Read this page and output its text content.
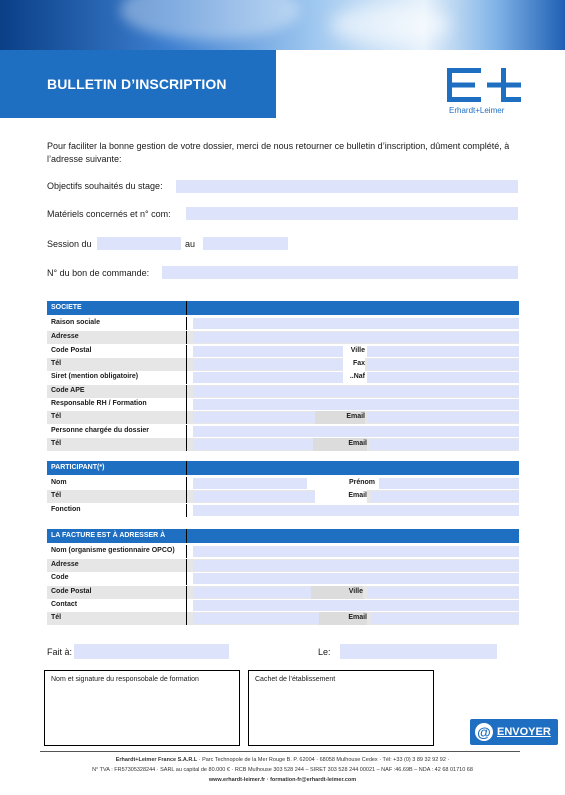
BULLETIN D’INSCRIPTION
Erhardt+Leimer
Pour faciliter la bonne gestion de votre dossier, merci de nous retourner ce bulletin d’inscription, dûment complété, à l’adresse suivante:
Objectifs souhaités du stage:
Matériels concernés et n° com:
Session du	au
N° du bon de commande:
SOCIETE
Raison sociale
Adresse
Code Postal	Ville
Tél	Fax
Siret (mention obligatoire)	..Naf
Code APE
Responsable RH / Formation
Tél	Email
Personne chargée du dossier
Tél	Email
PARTICIPANT(*)
Nom	Prénom
Tél	Email
Fonction
LA FACTURE EST À ADRESSER À
Nom (organisme gestionnaire OPCO)
Adresse
Code
Code Postal	Ville
Contact
Tél	Email
Fait à:	Le:
Nom et signature du responsobale de formation	Cachet de l’établissement
@ ENVOYER
Erhardt+Leimer France S.A.R.L · Parc Technopole de la Mer Rouge B. P. 62004 · 68058 Mulhouse Cedex · Tél: +33 (0) 3 89 32 92 92 ·
N° TVA : FR57305328244 · SARL au capital de 80.000 € · RCB Mulhouse 303 528 244 – SIRET 303 528 244 00021 – NAF :46.69B – NDA : 42 68 01710 68
www.erhardt-leimer.fr · formation-fr@erhardt-leimer.com
